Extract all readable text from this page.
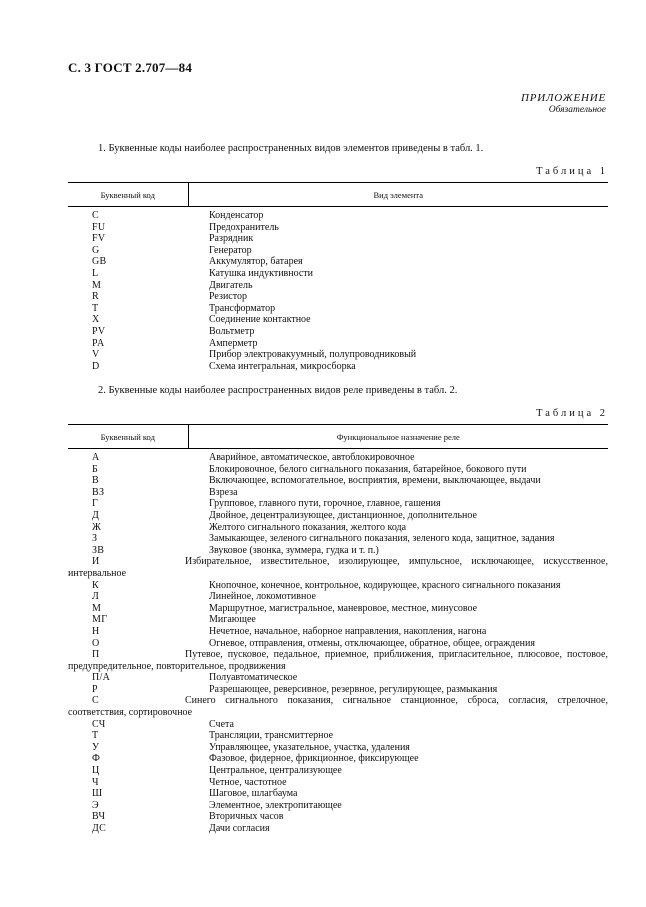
С. 3 ГОСТ 2.707—84
ПРИЛОЖЕНИЕ
Обязательное
1. Буквенные коды наиболее распространенных видов элементов приведены в табл. 1.
Таблица 1
Буквенный код	Вид элемента
C	Конденсатор
FU	Предохранитель
FV	Разрядник
G	Генератор
GB	Аккумулятор, батарея
L	Катушка индуктивности
M	Двигатель
R	Резистор
T	Трансформатор
X	Соединение контактное
PV	Вольтметр
PA	Амперметр
V	Прибор электровакуумный, полупроводниковый
D	Схема интегральная, микросборка
2. Буквенные коды наиболее распространенных видов реле приведены в табл. 2.
Таблица 2
Буквенный код	Функциональное назначение реле
А	Аварийное, автоматическое, автоблокировочное
Б	Блокировочное, белого сигнального показания, батарейное, бокового пути
В	Включающее, вспомогательное, восприятия, времени, выключающее, выдачи
ВЗ	Взреза
Г	Групповое, главного пути, горочное, главное, гашения
Д	Двойное, децентрализующее, дистанционное, дополнительное
Ж	Желтого сигнального показания, желтого кода
З	Замыкающее, зеленого сигнального показания, зеленого кода, защитное, задания
ЗВ	Звуковое (звонка, зуммера, гудка и т. п.)

И Избирательное, известительное, изолирующее, импульсное, исключающее, искусственное, интервальное	

К	Кнопочное, конечное, контрольное, кодирующее, красного сигнального показания
Л	Линейное, локомотивное
М	Маршрутное, магистральное, маневровое, местное, минусовое
МГ	Мигающее
Н	Нечетное, начальное, наборное направления, накопления, нагона
О	Огневое, отправления, отмены, отключающее, обратное, общее, ограждения

П Путевое, пусковое, педальное, приемное, приближения, пригласительное, плюсовое, постовое, предупредительное, повторительное, продвижения	

П/А	Полуавтоматическое
Р	Разрешающее, реверсивное, резервное, регулирующее, размыкания

С Синего сигнального показания, сигнальное станционное, сброса, согласия, стрелочное, соответствия, сортировочное	

СЧ	Счета
Т	Трансляции, трансмиттерное
У	Управляющее, указательное, участка, удаления
Ф	Фазовое, фидерное, фрикционное, фиксирующее
Ц	Центральное, централизующее
Ч	Четное, частотное
Ш	Шаговое, шлагбаума
Э	Элементное, электропитающее
ВЧ	Вторичных часов
ДС	Дачи согласия
